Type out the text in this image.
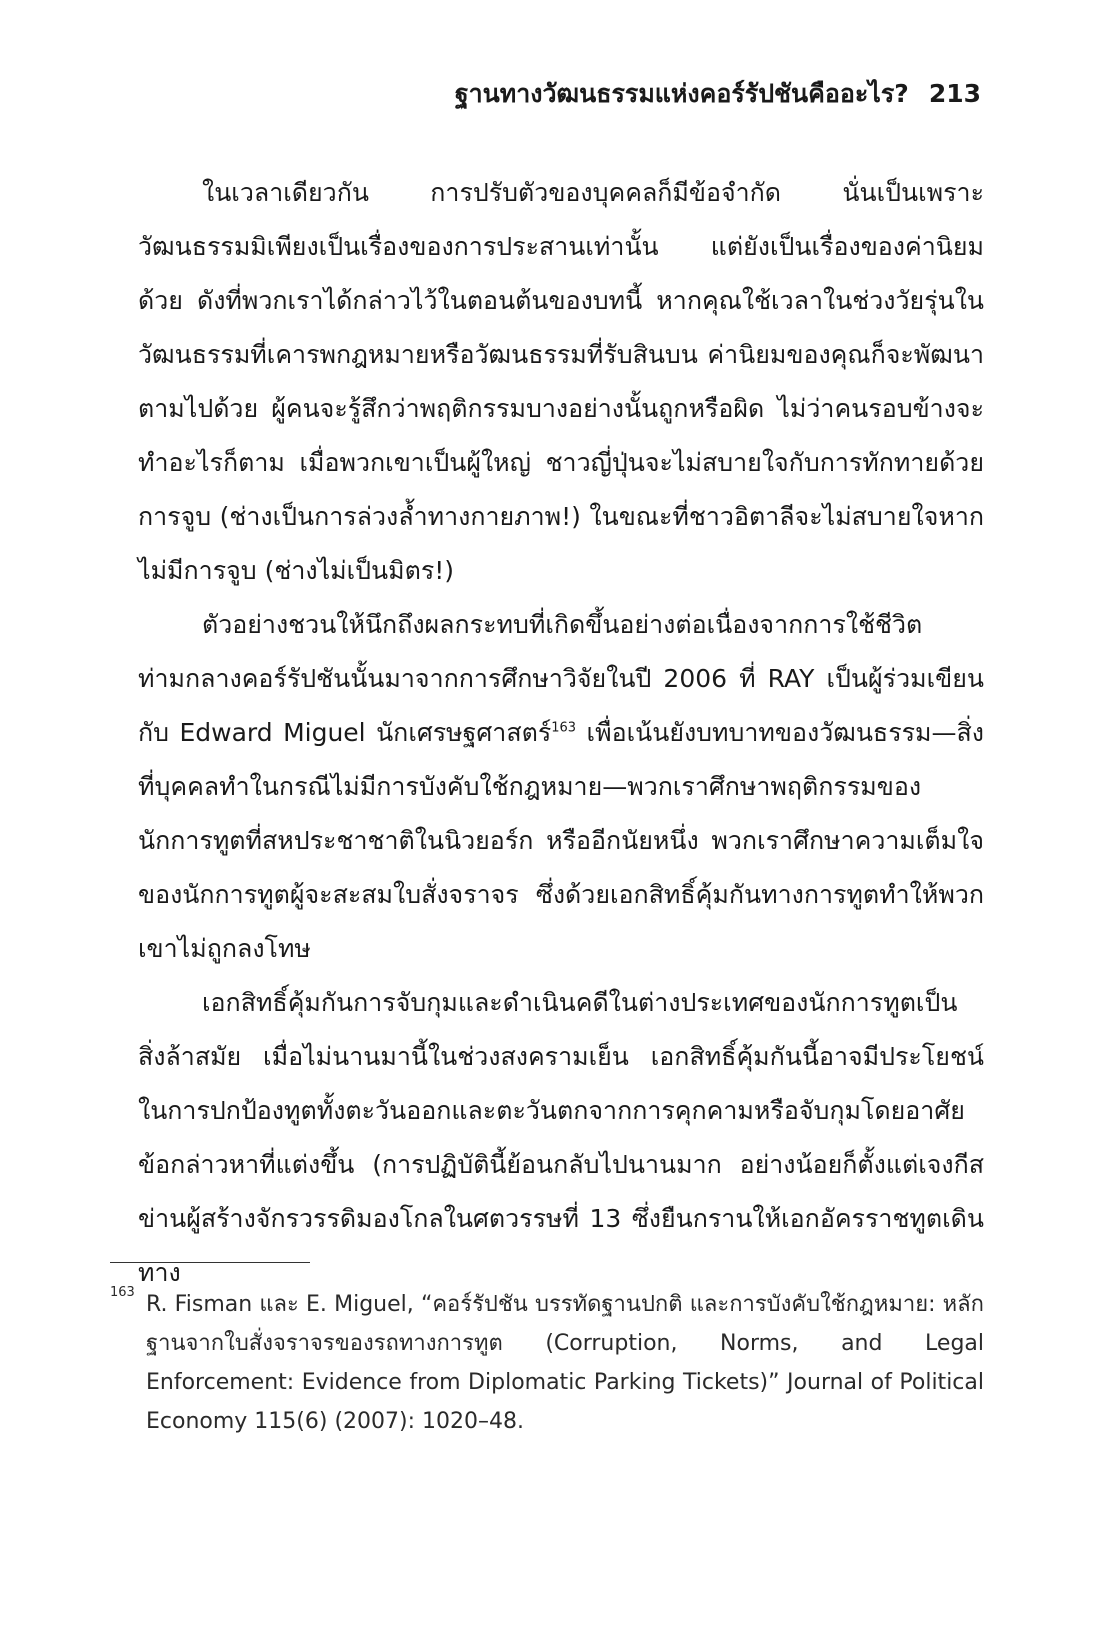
ฐานทางวัฒนธรรมแห่งคอร์รัปชันคืออะไร? 213

ในเวลาเดียวกัน การปรับตัวของบุคคลก็มีข้อจำกัด นั่นเป็นเพราะวัฒนธรรมมิเพียงเป็นเรื่องของการประสานเท่านั้น แต่ยังเป็นเรื่องของค่านิยมด้วย ดังที่พวกเราได้กล่าวไว้ในตอนต้นของบทนี้ หากคุณใช้เวลาในช่วงวัยรุ่นในวัฒนธรรมที่เคารพกฎหมายหรือวัฒนธรรมที่รับสินบน ค่านิยมของคุณก็จะพัฒนาตามไปด้วย ผู้คนจะรู้สึกว่าพฤติกรรมบางอย่างนั้นถูกหรือผิด ไม่ว่าคนรอบข้างจะทำอะไรก็ตาม เมื่อพวกเขาเป็นผู้ใหญ่ ชาวญี่ปุ่นจะไม่สบายใจกับการทักทายด้วยการจูบ (ช่างเป็นการล่วงล้ำทางกายภาพ!) ในขณะที่ชาวอิตาลีจะไม่สบายใจหากไม่มีการจูบ (ช่างไม่เป็นมิตร!)

ตัวอย่างชวนให้นึกถึงผลกระทบที่เกิดขึ้นอย่างต่อเนื่องจากการใช้ชีวิตท่ามกลางคอร์รัปชันนั้นมาจากการศึกษาวิจัยในปี 2006 ที่ RAY เป็นผู้ร่วมเขียนกับ Edward Miguel นักเศรษฐศาสตร์$^{163}$ เพื่อเน้นยังบทบาทของวัฒนธรรม—สิ่งที่บุคคลทำในกรณีไม่มีการบังคับใช้กฎหมาย—พวกเราศึกษาพฤติกรรมของนักการทูตที่สหประชาชาติในนิวยอร์ก หรืออีกนัยหนึ่ง พวกเราศึกษาความเต็มใจของนักการทูตผู้จะสะสมใบสั่งจราจร ซึ่งด้วยเอกสิทธิ์คุ้มกันทางการทูตทำให้พวกเขาไม่ถูกลงโทษ

เอกสิทธิ์คุ้มกันการจับกุมและดำเนินคดีในต่างประเทศของนักการทูตเป็นสิ่งล้าสมัย เมื่อไม่นานมานี้ในช่วงสงครามเย็น เอกสิทธิ์คุ้มกันนี้อาจมีประโยชน์ในการปกป้องทูตทั้งตะวันออกและตะวันตกจากการคุกคามหรือจับกุมโดยอาศัยข้อกล่าวหาที่แต่งขึ้น (การปฏิบัตินี้ย้อนกลับไปนานมาก อย่างน้อยก็ตั้งแต่เจงกีสข่านผู้สร้างจักรวรรดิมองโกลในศตวรรษที่ 13 ซึ่งยืนกรานให้เอกอัครราชทูตเดินทาง

163 R. Fisman และ E. Miguel, “คอร์รัปชัน บรรทัดฐานปกติ และการบังคับใช้กฎหมาย: หลักฐานจากใบสั่งจราจรของรถทางการทูต (Corruption, Norms, and Legal Enforcement: Evidence from Diplomatic Parking Tickets)” Journal of Political Economy 115(6) (2007): 1020–48.
